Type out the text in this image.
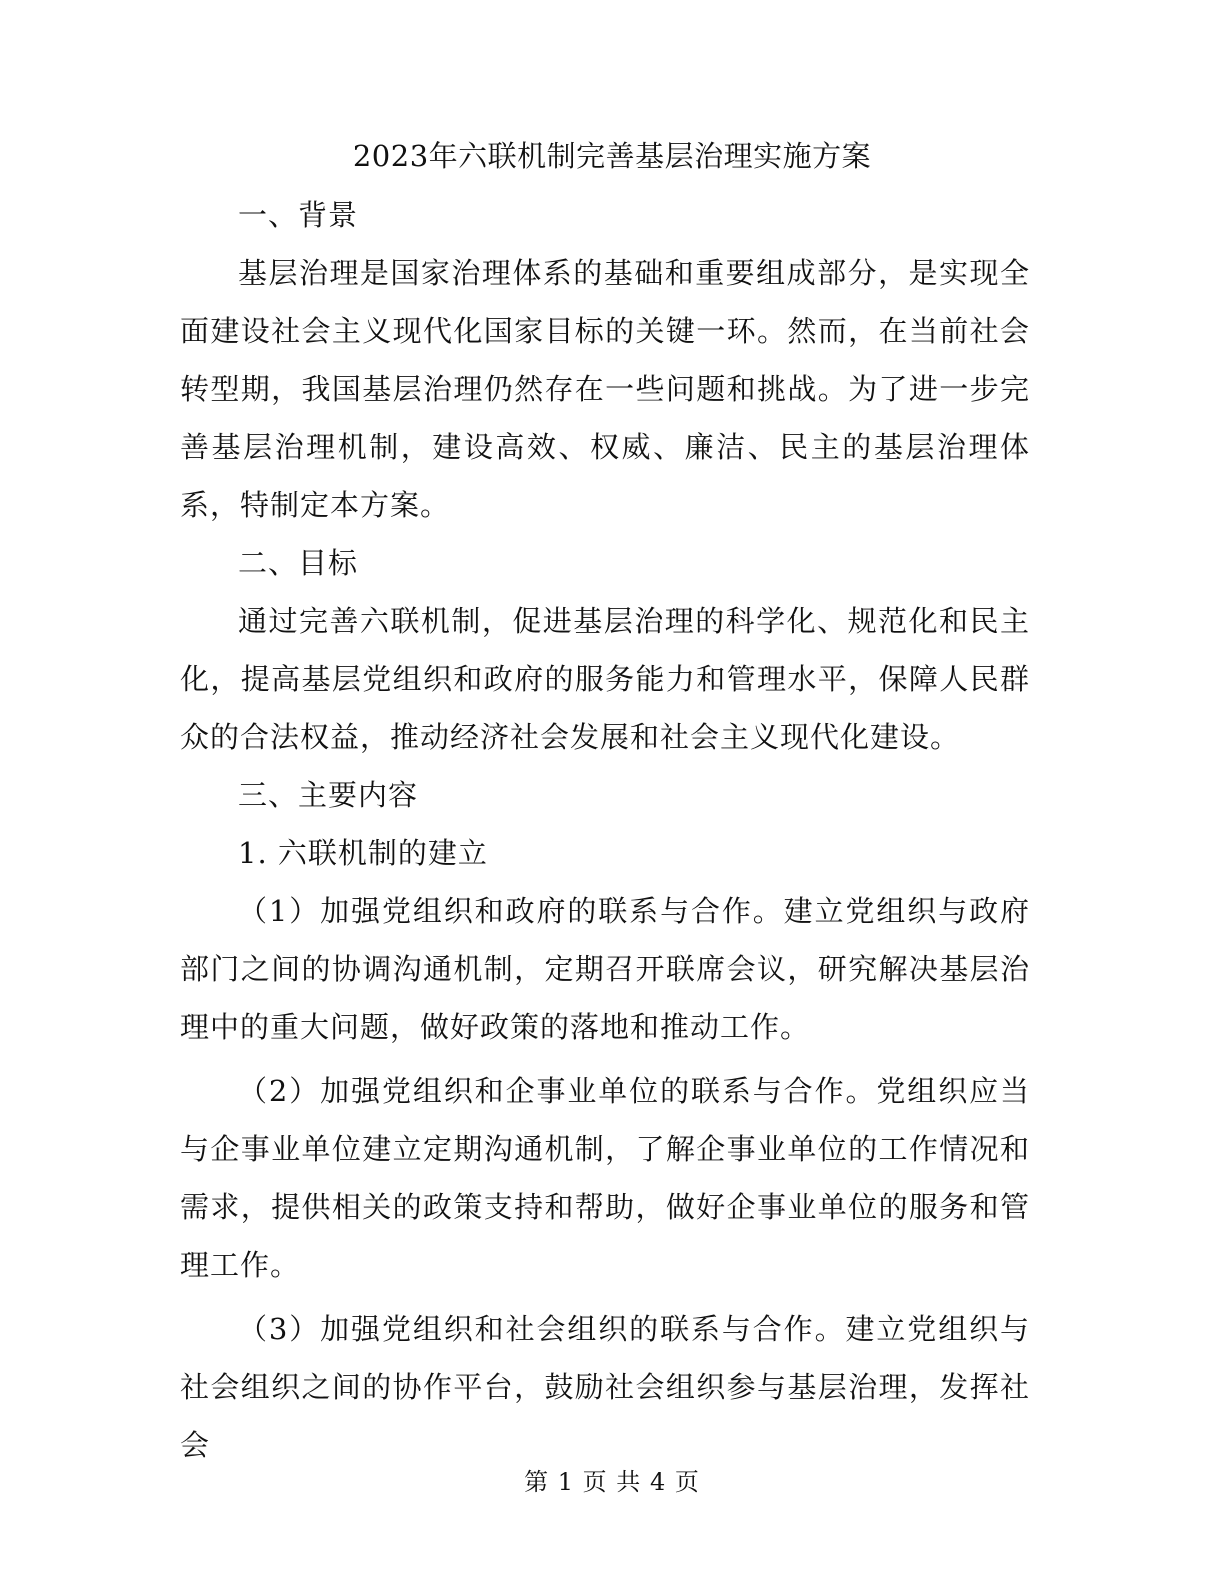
2023年六联机制完善基层治理实施方案

一、背景

基层治理是国家治理体系的基础和重要组成部分，是实现全面建设社会主义现代化国家目标的关键一环。然而，在当前社会转型期，我国基层治理仍然存在一些问题和挑战。为了进一步完善基层治理机制，建设高效、权威、廉洁、民主的基层治理体系，特制定本方案。

二、目标

通过完善六联机制，促进基层治理的科学化、规范化和民主化，提高基层党组织和政府的服务能力和管理水平，保障人民群众的合法权益，推动经济社会发展和社会主义现代化建设。

三、主要内容

1. 六联机制的建立

（1）加强党组织和政府的联系与合作。建立党组织与政府部门之间的协调沟通机制，定期召开联席会议，研究解决基层治理中的重大问题，做好政策的落地和推动工作。

（2）加强党组织和企事业单位的联系与合作。党组织应当与企事业单位建立定期沟通机制，了解企事业单位的工作情况和需求，提供相关的政策支持和帮助，做好企事业单位的服务和管理工作。

（3）加强党组织和社会组织的联系与合作。建立党组织与社会组织之间的协作平台，鼓励社会组织参与基层治理，发挥社会

第 1 页 共 4 页
